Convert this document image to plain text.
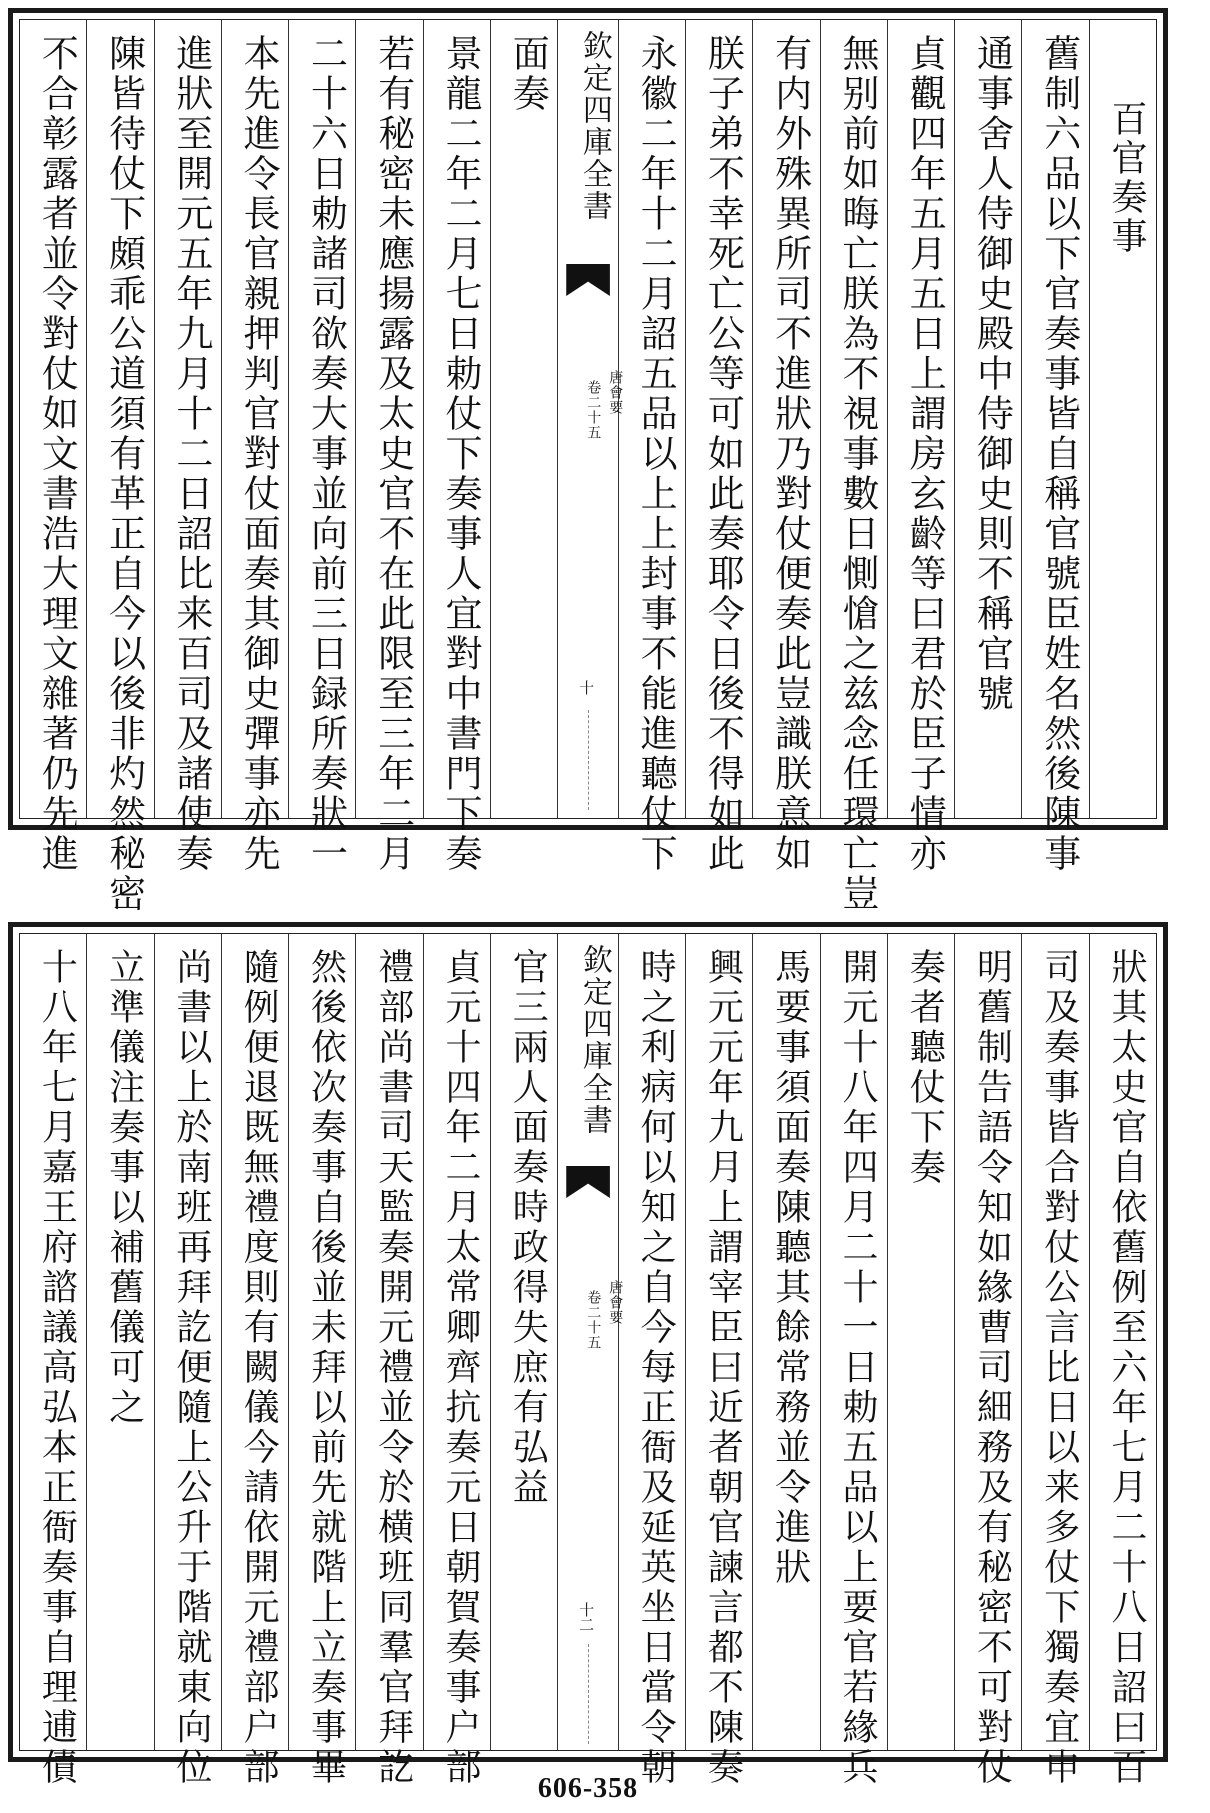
百官奏事
舊制六品以下官奏事皆自稱官號臣姓名然後陳事
通事舍人侍御史殿中侍御史則不稱官號
貞觀四年五月五日上謂房玄齡等曰君於臣子情亦
無别前如晦亡朕為不視事數日惻愴之兹念任環亡豈
有内外殊異所司不進狀乃對仗便奏此豈識朕意如
朕子弟不幸死亡公等可如此奏耶令日後不得如此
永徽二年十二月詔五品以上上封事不能進聽仗下
欽定四庫全書
唐會要
卷二十五
十
面奏
景龍二年二月七日勅仗下奏事人宜對中書門下奏
若有秘密未應揚露及太史官不在此限至三年二月
二十六日勅諸司欲奏大事並向前三日録所奏狀一
本先進令長官親押判官對仗面奏其御史彈事亦先
進狀至開元五年九月十二日詔比来百司及諸使奏
陳皆待仗下頗乖公道須有革正自今以後非灼然秘密
不合彰露者並令對仗如文書浩大理文雜著仍先進
狀其太史官自依舊例至六年七月二十八日詔曰百
司及奏事皆合對仗公言比日以来多仗下獨奏宜申
明舊制告語令知如緣曹司細務及有秘密不可對仗
奏者聽仗下奏
開元十八年四月二十一日勅五品以上要官若緣兵
馬要事須面奏陳聽其餘常務並令進狀
興元元年九月上謂宰臣曰近者朝官諫言都不陳奏
時之利病何以知之自今每正衙及延英坐日當令朝
欽定四庫全書
唐會要
卷二十五
十二
官三兩人面奏時政得失庶有弘益
貞元十四年二月太常卿齊抗奏元日朝賀奏事户部
禮部尚書司天監奏開元禮並令於横班同羣官拜訖
然後依次奏事自後並未拜以前先就階上立奏事畢
隨例便退既無禮度則有闕儀今請依開元禮部户部
尚書以上於南班再拜訖便隨上公升于階就東向位
立準儀注奏事以補舊儀可之
十八年七月嘉王府諮議高弘本正衙奏事自理逋債
606-358
